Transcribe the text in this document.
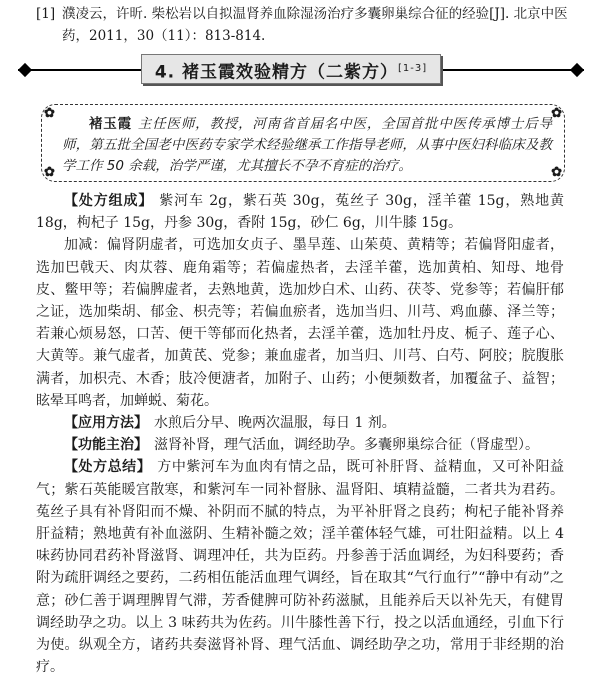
[1] 濮凌云，许昕. 柴松岩以自拟温肾养血除湿汤治疗多囊卵巢综合征的经验[J]. 北京中医药，2011，30（11）：813-814.
4. 褚玉霞效验精方（二紫方）[1-3]
✿	✿
✿	✿
褚玉霞 主任医师，教授，河南省首届名中医，全国首批中医传承博士后导师，第五批全国老中医药专家学术经验继承工作指导老师，从事中医妇科临床及教学工作 50 余载，治学严谨，尤其擅长不孕不育症的治疗。

【处方组成】 紫河车 2g，紫石英 30g，菟丝子 30g，淫羊藿 15g，熟地黄 18g，枸杞子 15g，丹参 30g，香附 15g，砂仁 6g，川牛膝 15g。

加减：偏肾阴虚者，可选加女贞子、墨旱莲、山茱萸、黄精等；若偏肾阳虚者，选加巴戟天、肉苁蓉、鹿角霜等；若偏虚热者，去淫羊藿，选加黄柏、知母、地骨皮、鳖甲等；若偏脾虚者，去熟地黄，选加炒白术、山药、茯苓、党参等；若偏肝郁之证，选加柴胡、郁金、枳壳等；若偏血瘀者，选加当归、川芎、鸡血藤、泽兰等；若兼心烦易怒，口苦、便干等郁而化热者，去淫羊藿，选加牡丹皮、栀子、莲子心、大黄等。兼气虚者，加黄芪、党参；兼血虚者，加当归、川芎、白芍、阿胶；脘腹胀满者，加枳壳、木香；肢冷便溏者，加附子、山药；小便频数者，加覆盆子、益智；眩晕耳鸣者，加蝉蜕、菊花。

【应用方法】 水煎后分早、晚两次温服，每日 1 剂。

【功能主治】 滋肾补肾，理气活血，调经助孕。多囊卵巢综合征（肾虚型）。

【处方总结】 方中紫河车为血肉有情之品，既可补肝肾、益精血，又可补阳益气；紫石英能暖宫散寒，和紫河车一同补督脉、温肾阳、填精益髓，二者共为君药。菟丝子具有补肾阳而不燥、补阴而不腻的特点，为平补肝肾之良药；枸杞子能补肾养肝益精；熟地黄有补血滋阴、生精补髓之效；淫羊藿体轻气雄，可壮阳益精。以上 4 味药协同君药补肾滋肾、调理冲任，共为臣药。丹参善于活血调经，为妇科要药；香附为疏肝调经之要药，二药相伍能活血理气调经，旨在取其“气行血行”“静中有动”之意；砂仁善于调理脾胃气滞，芳香健脾可防补药滋腻，且能养后天以补先天，有健胃调经助孕之功。以上 3 味药共为佐药。川牛膝性善下行，投之以活血通经，引血下行为使。纵观全方，诸药共奏滋肾补肾、理气活血、调经助孕之功，常用于非经期的治疗。
